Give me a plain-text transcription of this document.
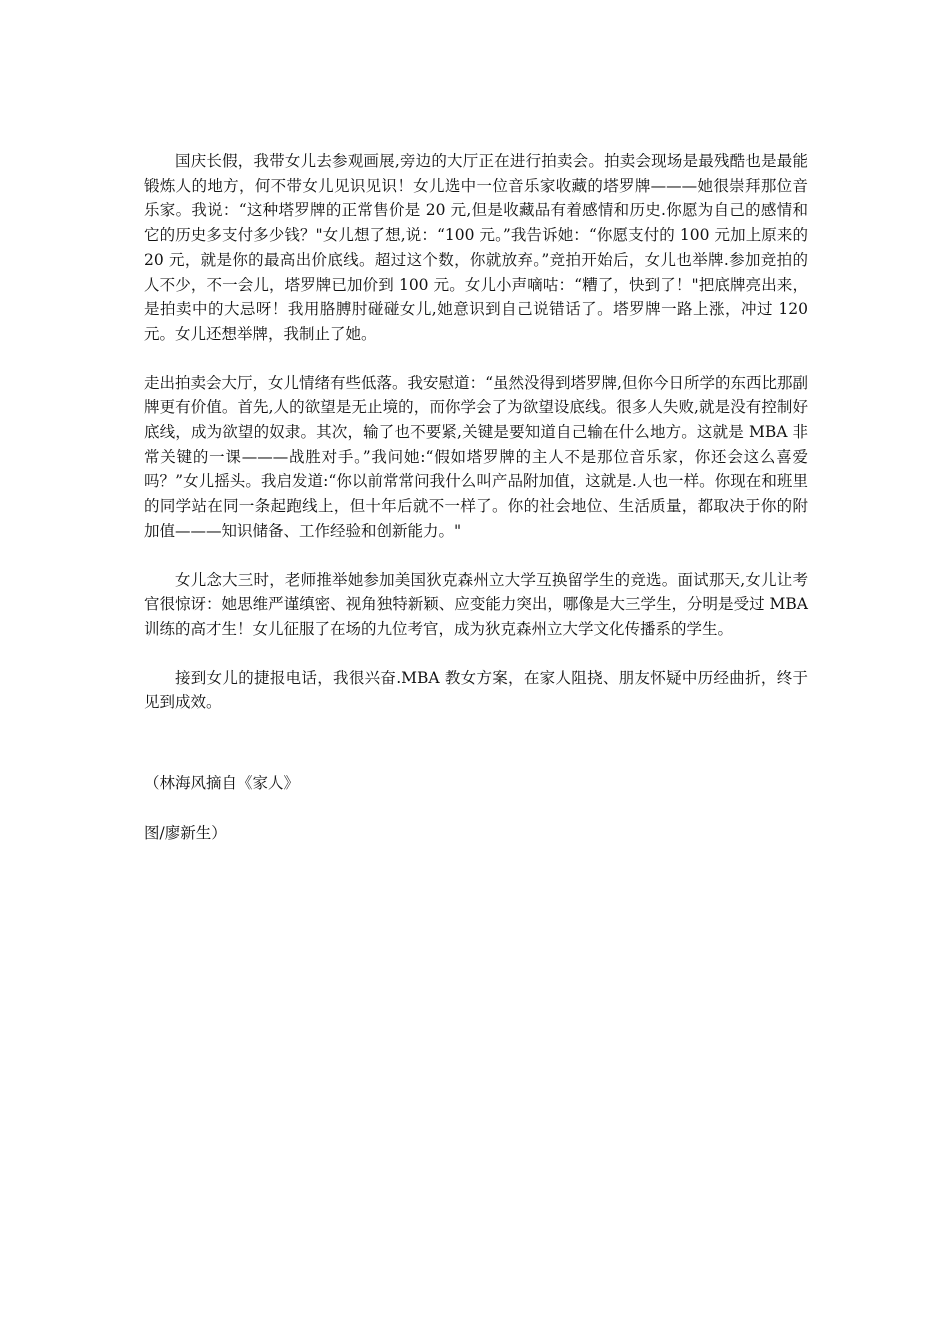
国庆长假，我带女儿去参观画展,旁边的大厅正在进行拍卖会。拍卖会现场是最残酷也是最能锻炼人的地方，何不带女儿见识见识！女儿选中一位音乐家收藏的塔罗牌———她很崇拜那位音乐家。我说：“这种塔罗牌的正常售价是 20 元,但是收藏品有着感情和历史.你愿为自己的感情和它的历史多支付多少钱？"女儿想了想,说：“100 元。”我告诉她：“你愿支付的 100 元加上原来的 20 元，就是你的最高出价底线。超过这个数，你就放弃。”竞拍开始后，女儿也举牌.参加竞拍的人不少，不一会儿，塔罗牌已加价到 100 元。女儿小声嘀咕：“糟了，快到了！"把底牌亮出来，是拍卖中的大忌呀！我用胳膊肘碰碰女儿,她意识到自己说错话了。塔罗牌一路上涨，冲过 120 元。女儿还想举牌，我制止了她。

走出拍卖会大厅，女儿情绪有些低落。我安慰道：“虽然没得到塔罗牌,但你今日所学的东西比那副牌更有价值。首先,人的欲望是无止境的，而你学会了为欲望设底线。很多人失败,就是没有控制好底线，成为欲望的奴隶。其次，输了也不要紧,关键是要知道自己输在什么地方。这就是 MBA 非常关键的一课———战胜对手。”我问她:“假如塔罗牌的主人不是那位音乐家，你还会这么喜爱吗？”女儿摇头。我启发道:“你以前常常问我什么叫产品附加值，这就是.人也一样。你现在和班里的同学站在同一条起跑线上，但十年后就不一样了。你的社会地位、生活质量，都取决于你的附加值———知识储备、工作经验和创新能力。"

女儿念大三时，老师推举她参加美国狄克森州立大学互换留学生的竞选。面试那天,女儿让考官很惊讶：她思维严谨缜密、视角独特新颖、应变能力突出，哪像是大三学生，分明是受过 MBA 训练的高才生！女儿征服了在场的九位考官，成为狄克森州立大学文化传播系的学生。

接到女儿的捷报电话，我很兴奋.MBA 教女方案，在家人阻挠、朋友怀疑中历经曲折，终于见到成效。

（林海风摘自《家人》

图/廖新生）
